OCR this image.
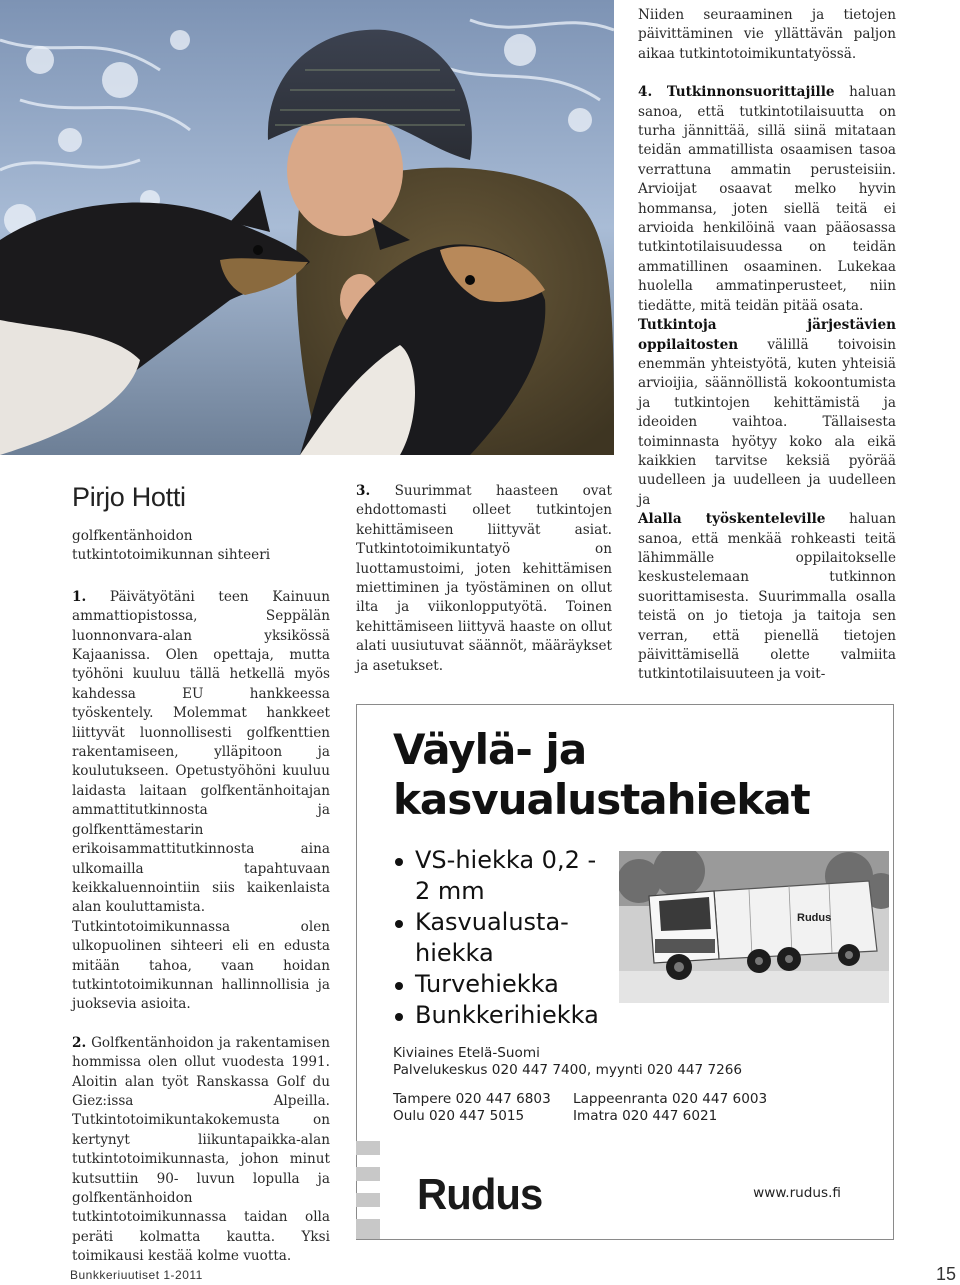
Pirjo Hotti

golfkentänhoidon tutkintotoimikunnan sihteeri

1. Päivätyötäni teen Kainuun ammattiopistossa, Seppälän luonnonvara-alan yksikössä Kajaanissa. Olen opettaja, mutta työhöni kuuluu tällä hetkellä myös kahdessa EU hankkeessa työskentely. Molemmat hankkeet liittyvät luonnollisesti golfkenttien rakentamiseen, ylläpitoon ja koulutukseen. Opetustyöhöni kuuluu laidasta laitaan golfkentänhoitajan ammattitutkinnosta ja golfkenttämestarin erikoisammattitutkinnosta aina ulkomailla tapahtuvaan keikkaluennointiin siis kaikenlaista alan kouluttamista.

Tutkintotoimikunnassa olen ulkopuolinen sihteeri eli en edusta mitään tahoa, vaan hoidan tutkintotoimikunnan hallinnollisia ja juoksevia asioita.

2. Golfkentänhoidon ja rakentamisen hommissa olen ollut vuodesta 1991. Aloitin alan työt Ranskassa Golf du Giez:issa Alpeilla. Tutkintotoimikuntakokemusta on kertynyt liikuntapaikka-alan tutkintotoimikunnasta, johon minut kutsuttiin 90- luvun lopulla ja golfkentänhoidon tutkintotoimikunnassa taidan olla peräti kolmatta kautta. Yksi toimikausi kestää kolme vuotta.

3. Suurimmat haasteen ovat ehdottomasti olleet tutkintojen kehittämiseen liittyvät asiat. Tutkintotoimikuntatyö on luottamustoimi, joten kehittämisen miettiminen ja työstäminen on ollut ilta ja viikonlopputyötä. Toinen kehittämiseen liittyvä haaste on ollut alati uusiutuvat säännöt, määräykset ja asetukset.

Niiden seuraaminen ja tietojen päivittäminen vie yllättävän paljon aikaa tutkintotoimikuntatyössä.

4. Tutkinnonsuorittajille haluan sanoa, että tutkintotilaisuutta on turha jännittää, sillä siinä mitataan teidän ammatillista osaamisen tasoa verrattuna ammatin perusteisiin. Arvioijat osaavat melko hyvin hommansa, joten siellä teitä ei arvioida henkilöinä vaan pääosassa tutkintotilaisuudessa on teidän ammatillinen osaaminen. Lukekaa huolella ammatinperusteet, niin tiedätte, mitä teidän pitää osata.

Tutkintoja järjestävien oppilaitosten välillä toivoisin enemmän yhteistyötä, kuten yhteisiä arvioijia, säännöllistä kokoontumista ja tutkintojen kehittämistä ja ideoiden vaihtoa. Tällaisesta toiminnasta hyötyy koko ala eikä kaikkien tarvitse keksiä pyörää uudelleen ja uudelleen ja uudelleen ja

Alalla työskenteleville haluan sanoa, että menkää rohkeasti teitä lähimmälle oppilaitokselle keskustelemaan tutkinnon suorittamisesta. Suurimmalla osalla teistä on jo tietoja ja taitoja sen verran, että pienellä tietojen päivittämisellä olette valmiita tutkintotilaisuuteen ja voit-

Väylä- ja
kasvualustahiekat
VS-hiekka 0,2 -
2 mm
Kasvualusta-
hiekka
Turvehiekka
Bunkkerihiekka
Rudus
Kiviaines Etelä-Suomi
Palvelukeskus 020 447 7400, myynti 020 447 7266
Tampere 020 447 6803	Lappeenranta 020 447 6003
Oulu 020 447 5015	Imatra 020 447 6021
Rudus	www.rudus.fi
Bunkkeriuutiset 1-2011	15
